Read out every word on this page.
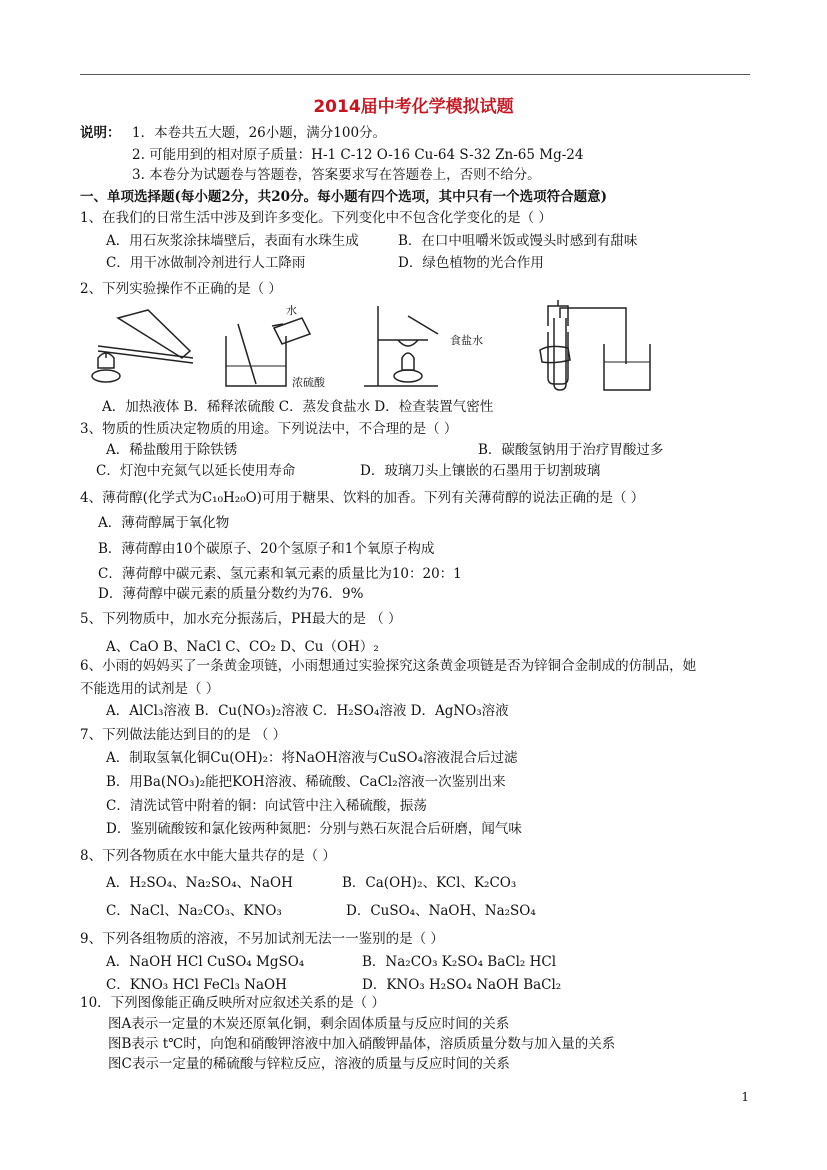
2014届中考化学模拟试题
说明： 1．本卷共五大题，26小题，满分100分。
2. 可能用到的相对原子质量：H-1 C-12 O-16 Cu-64 S-32 Zn-65 Mg-24
3. 本卷分为试题卷与答题卷，答案要求写在答题卷上，否则不给分。
一、单项选择题(每小题2分，共20分。每小题有四个选项，其中只有一个选项符合题意)
1、在我们的日常生活中涉及到许多变化。下列变化中不包含化学变化的是（ ）
A．用石灰浆涂抹墙壁后，表面有水珠生成	B．在口中咀嚼米饭或馒头时感到有甜味
C．用干冰做制冷剂进行人工降雨	D．绿色植物的光合作用
2、下列实验操作不正确的是（ ）
水
浓硫酸
食盐水
A．加热液体 B．稀释浓硫酸 C．蒸发食盐水 D．检查装置气密性
3、物质的性质决定物质的用途。下列说法中，不合理的是（ ）
A．稀盐酸用于除铁锈	B．碳酸氢钠用于治疗胃酸过多
C．灯泡中充氮气以延长使用寿命	D．玻璃刀头上镶嵌的石墨用于切割玻璃
4、薄荷醇(化学式为C₁₀H₂₀O)可用于糖果、饮料的加香。下列有关薄荷醇的说法正确的是（ ）
A．薄荷醇属于氧化物
B．薄荷醇由10个碳原子、20个氢原子和1个氧原子构成
C．薄荷醇中碳元素、氢元素和氧元素的质量比为10：20：1
D．薄荷醇中碳元素的质量分数约为76．9%
5、下列物质中，加水充分振荡后，PH最大的是 （ ）
A、CaO B、NaCl C、CO₂ D、Cu（OH）₂
6、小雨的妈妈买了一条黄金项链，小雨想通过实验探究这条黄金项链是否为锌铜合金制成的仿制品，她
不能选用的试剂是（ ）
A．AlCl₃溶液 B．Cu(NO₃)₂溶液 C．H₂SO₄溶液 D．AgNO₃溶液
7、下列做法能达到目的的是 （ ）
A．制取氢氧化铜Cu(OH)₂：将NaOH溶液与CuSO₄溶液混合后过滤
B．用Ba(NO₃)₂能把KOH溶液、稀硫酸、CaCl₂溶液一次鉴别出来
C．清洗试管中附着的铜：向试管中注入稀硫酸，振荡
D．鉴别硫酸铵和氯化铵两种氮肥：分别与熟石灰混合后研磨，闻气味
8、下列各物质在水中能大量共存的是（ ）
A．H₂SO₄、Na₂SO₄、NaOH	B．Ca(OH)₂、KCl、K₂CO₃
C．NaCl、Na₂CO₃、KNO₃	D．CuSO₄、NaOH、Na₂SO₄
9、下列各组物质的溶液，不另加试剂无法一一鉴别的是（ ）
A．NaOH HCl CuSO₄ MgSO₄	B．Na₂CO₃ K₂SO₄ BaCl₂ HCl
C．KNO₃ HCl FeCl₃ NaOH	D．KNO₃ H₂SO₄ NaOH BaCl₂
10．下列图像能正确反映所对应叙述关系的是（ ）
图A表示一定量的木炭还原氧化铜，剩余固体质量与反应时间的关系
图B表示 t℃时，向饱和硝酸钾溶液中加入硝酸钾晶体，溶质质量分数与加入量的关系
图C表示一定量的稀硫酸与锌粒反应，溶液的质量与反应时间的关系
1
